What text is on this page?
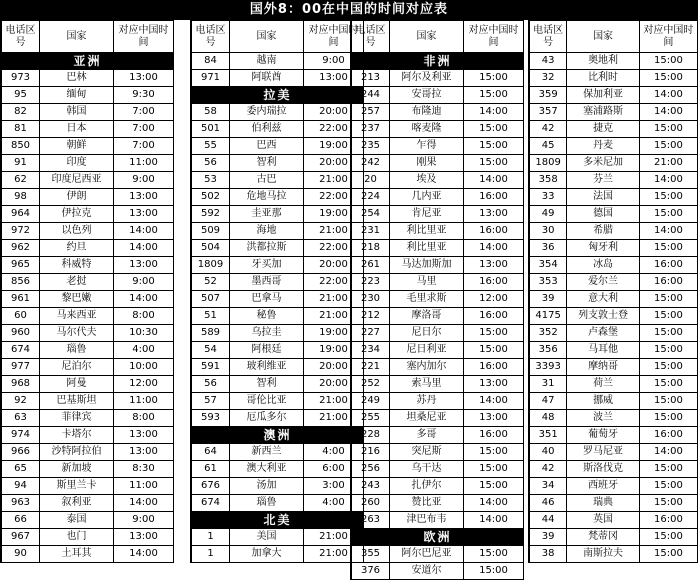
国外8：00在中国的时间对应表
电话区号	国家	对应中国时间
亚洲		
973	巴林	13:00
95	缅甸	9:30
82	韩国	7:00
81	日本	7:00
850	朝鲜	7:00
91	印度	11:00
62	印度尼西亚	9:00
98	伊朗	13:00
964	伊拉克	13:00
972	以色列	14:00
962	约旦	14:00
965	科威特	13:00
856	老挝	9:00
961	黎巴嫩	14:00
60	马来西亚	8:00
960	马尔代夫	10:30
674	瑙鲁	4:00
977	尼泊尔	10:00
968	阿曼	12:00
92	巴基斯坦	11:00
63	菲律宾	8:00
974	卡塔尔	13:00
966	沙特阿拉伯	13:00
65	新加坡	8:30
94	斯里兰卡	11:00
963	叙利亚	14:00
66	泰国	9:00
967	也门	13:00
90	土耳其	14:00
电话区号	国家	对应中国时间
84	越南	9:00
971	阿联酋	13:00
拉美		
58	委内瑞拉	20:00
501	伯利兹	22:00
55	巴西	19:00
56	智利	20:00
53	古巴	21:00
502	危地马拉	22:00
592	圭亚那	19:00
509	海地	21:00
504	洪都拉斯	22:00
1809	牙买加	20:00
52	墨西哥	22:00
507	巴拿马	21:00
51	秘鲁	21:00
589	乌拉圭	19:00
54	阿根廷	19:00
591	玻利维亚	20:00
56	智利	20:00
57	哥伦比亚	21:00
593	厄瓜多尔	21:00
澳洲		
64	新西兰	4:00
61	澳大利亚	6:00
676	汤加	3:00
674	瑙鲁	4:00
北美		
1	美国	21:00
1	加拿大	21:00
电话区号	国家	对应中国时间
非洲		
213	阿尔及利亚	15:00
244	安哥拉	15:00
257	布隆迪	14:00
237	喀麦隆	15:00
235	乍得	15:00
242	刚果	15:00
20	埃及	14:00
224	几内亚	16:00
254	肯尼亚	13:00
231	利比里亚	16:00
218	利比里亚	14:00
261	马达加斯加	13:00
223	马里	16:00
230	毛里求斯	12:00
212	摩洛哥	16:00
227	尼日尔	15:00
234	尼日利亚	15:00
221	塞内加尔	16:00
252	索马里	13:00
249	苏丹	14:00
255	坦桑尼亚	13:00
228	多哥	16:00
216	突尼斯	15:00
256	乌干达	15:00
243	扎伊尔	15:00
260	赞比亚	14:00
263	津巴布韦	14:00
欧洲		
355	阿尔巴尼亚	15:00
376	安道尔	15:00
电话区号	国家	对应中国时间
43	奥地利	15:00
32	比利时	15:00
359	保加利亚	14:00
357	塞浦路斯	14:00
42	捷克	15:00
45	丹麦	15:00
1809	多米尼加	21:00
358	芬兰	14:00
33	法国	15:00
49	德国	15:00
30	希腊	14:00
36	匈牙利	15:00
354	冰岛	16:00
353	爱尔兰	16:00
39	意大利	15:00
4175	列支敦士登	15:00
352	卢森堡	15:00
356	马耳他	15:00
3393	摩纳哥	15:00
31	荷兰	15:00
47	挪威	15:00
48	波兰	15:00
351	葡萄牙	16:00
40	罗马尼亚	14:00
42	斯洛伐克	15:00
34	西班牙	15:00
46	瑞典	15:00
44	英国	16:00
39	梵蒂冈	15:00
38	南斯拉夫	15:00
